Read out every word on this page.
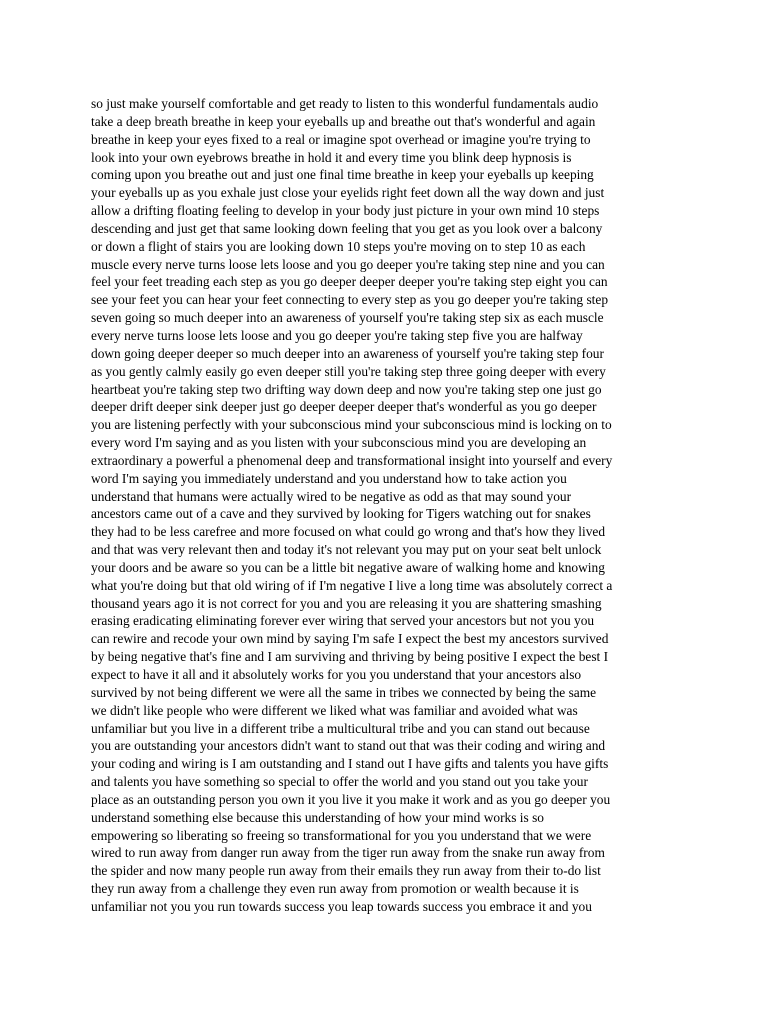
so just make yourself comfortable and get ready to listen to this wonderful fundamentals audio
take a deep breath breathe in keep your eyeballs up and breathe out that's wonderful and again
breathe in keep your eyes fixed to a real or imagine spot overhead or imagine you're trying to
look into your own eyebrows breathe in hold it and every time you blink deep hypnosis is
coming upon you breathe out and just one final time breathe in keep your eyeballs up keeping
your eyeballs up as you exhale just close your eyelids right feet down all the way down and just
allow a drifting floating feeling to develop in your body just picture in your own mind 10 steps
descending and just get that same looking down feeling that you get as you look over a balcony
or down a flight of stairs you are looking down 10 steps you're moving on to step 10 as each
muscle every nerve turns loose lets loose and you go deeper you're taking step nine and you can
feel your feet treading each step as you go deeper deeper deeper you're taking step eight you can
see your feet you can hear your feet connecting to every step as you go deeper you're taking step
seven going so much deeper into an awareness of yourself you're taking step six as each muscle
every nerve turns loose lets loose and you go deeper you're taking step five you are halfway
down going deeper deeper so much deeper into an awareness of yourself you're taking step four
as you gently calmly easily go even deeper still you're taking step three going deeper with every
heartbeat you're taking step two drifting way down deep and now you're taking step one just go
deeper drift deeper sink deeper just go deeper deeper deeper that's wonderful as you go deeper
you are listening perfectly with your subconscious mind your subconscious mind is locking on to
every word I'm saying and as you listen with your subconscious mind you are developing an
extraordinary a powerful a phenomenal deep and transformational insight into yourself and every
word I'm saying you immediately understand and you understand how to take action you
understand that humans were actually wired to be negative as odd as that may sound your
ancestors came out of a cave and they survived by looking for Tigers watching out for snakes
they had to be less carefree and more focused on what could go wrong and that's how they lived
and that was very relevant then and today it's not relevant you may put on your seat belt unlock
your doors and be aware so you can be a little bit negative aware of walking home and knowing
what you're doing but that old wiring of if I'm negative I live a long time was absolutely correct a
thousand years ago it is not correct for you and you are releasing it you are shattering smashing
erasing eradicating eliminating forever ever wiring that served your ancestors but not you you
can rewire and recode your own mind by saying I'm safe I expect the best my ancestors survived
by being negative that's fine and I am surviving and thriving by being positive I expect the best I
expect to have it all and it absolutely works for you you understand that your ancestors also
survived by not being different we were all the same in tribes we connected by being the same
we didn't like people who were different we liked what was familiar and avoided what was
unfamiliar but you live in a different tribe a multicultural tribe and you can stand out because
you are outstanding your ancestors didn't want to stand out that was their coding and wiring and
your coding and wiring is I am outstanding and I stand out I have gifts and talents you have gifts
and talents you have something so special to offer the world and you stand out you take your
place as an outstanding person you own it you live it you make it work and as you go deeper you
understand something else because this understanding of how your mind works is so
empowering so liberating so freeing so transformational for you you understand that we were
wired to run away from danger run away from the tiger run away from the snake run away from
the spider and now many people run away from their emails they run away from their to-do list
they run away from a challenge they even run away from promotion or wealth because it is
unfamiliar not you you run towards success you leap towards success you embrace it and you
